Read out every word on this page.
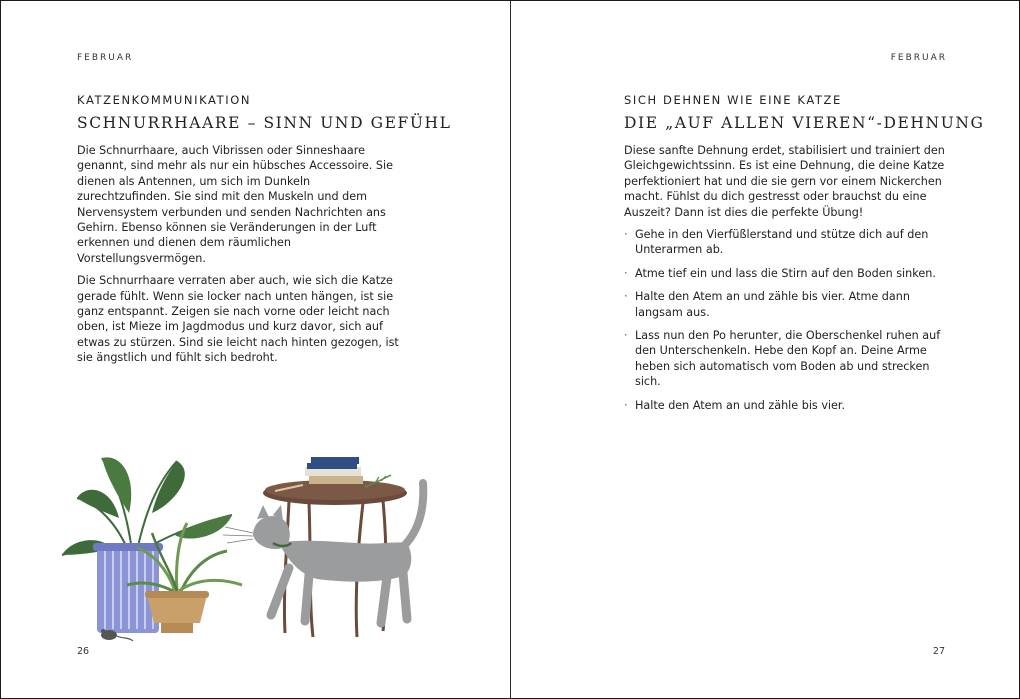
FEBRUAR
KATZENKOMMUNIKATION
SCHNURRHAARE – SINN UND GEFÜHL

Die Schnurrhaare, auch Vibrissen oder Sinneshaare genannt, sind mehr als nur ein hübsches Accessoire. Sie dienen als Antennen, um sich im Dunkeln zurechtzufinden. Sie sind mit den Muskeln und dem Nervensystem verbunden und senden Nachrichten ans Gehirn. Ebenso können sie Veränderungen in der Luft erkennen und dienen dem räumlichen Vorstellungsvermögen.

Die Schnurrhaare verraten aber auch, wie sich die Katze gerade fühlt. Wenn sie locker nach unten hängen, ist sie ganz entspannt. Zeigen sie nach vorne oder leicht nach oben, ist Mieze im Jagdmodus und kurz davor, sich auf etwas zu stürzen. Sind sie leicht nach hinten gezogen, ist sie ängstlich und fühlt sich bedroht.

26
FEBRUAR
SICH DEHNEN WIE EINE KATZE
DIE „AUF ALLEN VIEREN“-DEHNUNG

Diese sanfte Dehnung erdet, stabilisiert und trainiert den Gleichgewichtssinn. Es ist eine Dehnung, die deine Katze perfektioniert hat und die sie gern vor einem Nickerchen macht. Fühlst du dich gestresst oder brauchst du eine Auszeit? Dann ist dies die perfekte Übung!

· Gehe in den Vierfüßlerstand und stütze dich auf den Unterarmen ab.
· Atme tief ein und lass die Stirn auf den Boden sinken.
· Halte den Atem an und zähle bis vier. Atme dann langsam aus.
· Lass nun den Po herunter, die Oberschenkel ruhen auf den Unterschenkeln. Hebe den Kopf an. Deine Arme heben sich automatisch vom Boden ab und strecken sich.
· Halte den Atem an und zähle bis vier.
27
